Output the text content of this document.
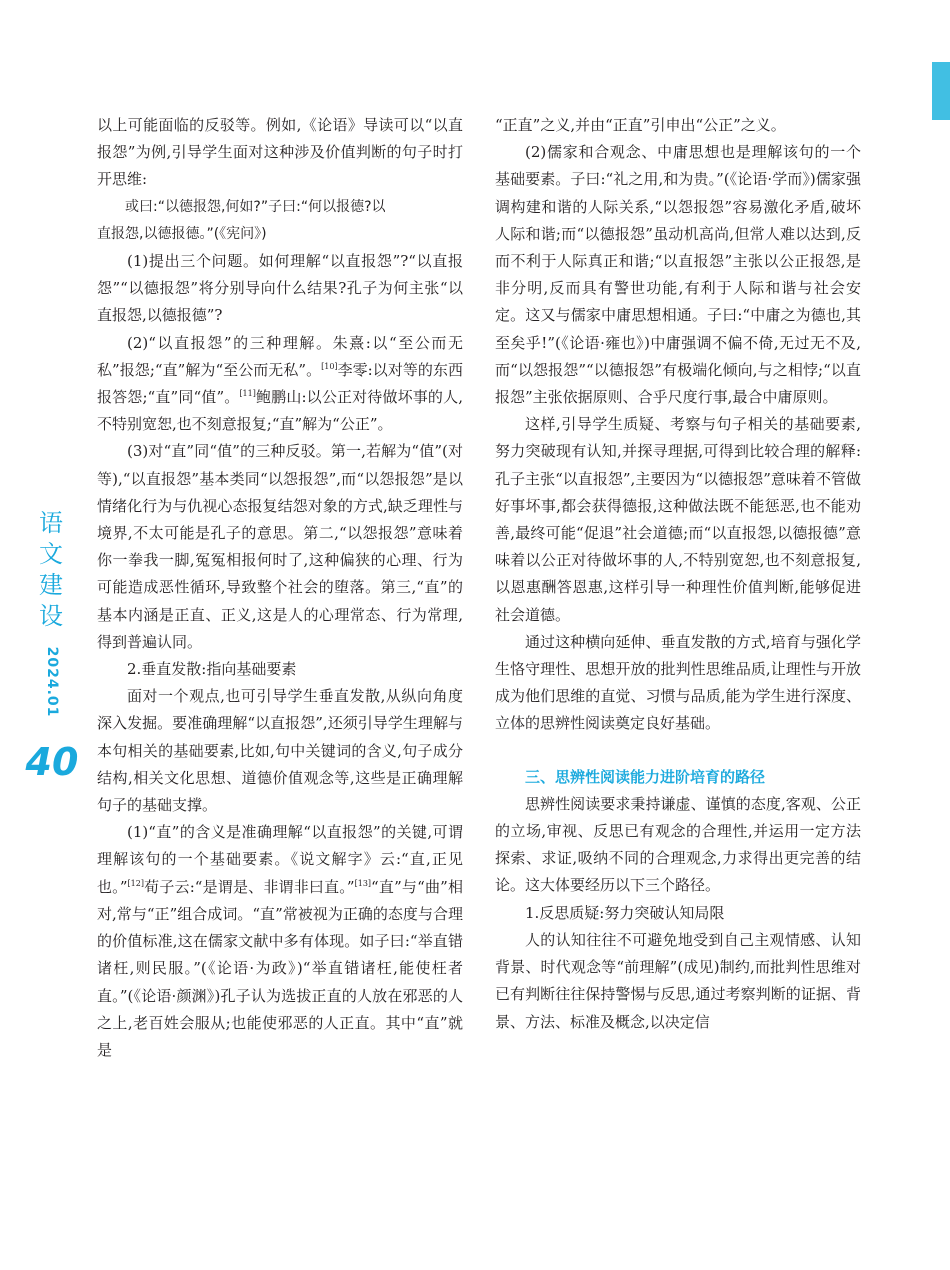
语
文
建
设
2024.01
40

以上可能面临的反驳等。例如,《论语》导读可以“以直报怨”为例,引导学生面对这种涉及价值判断的句子时打开思维:

或曰:“以德报怨,何如?”子曰:“何以报德?以

直报怨,以德报德。”(《宪问》)

(1)提出三个问题。如何理解“以直报怨”?“以直报怨”“以德报怨”将分别导向什么结果?孔子为何主张“以直报怨,以德报德”?

(2)“以直报怨”的三种理解。朱熹:以“至公而无私”报怨;“直”解为“至公而无私”。[10]李零:以对等的东西报答怨;“直”同“值”。[11]鲍鹏山:以公正对待做坏事的人,不特别宽恕,也不刻意报复;“直”解为“公正”。

(3)对“直”同“值”的三种反驳。第一,若解为“值”(对等),“以直报怨”基本类同“以怨报怨”,而“以怨报怨”是以情绪化行为与仇视心态报复结怨对象的方式,缺乏理性与境界,不太可能是孔子的意思。第二,“以怨报怨”意味着你一拳我一脚,冤冤相报何时了,这种偏狭的心理、行为可能造成恶性循环,导致整个社会的堕落。第三,“直”的基本内涵是正直、正义,这是人的心理常态、行为常理,得到普遍认同。

2.垂直发散:指向基础要素

面对一个观点,也可引导学生垂直发散,从纵向角度深入发掘。要准确理解“以直报怨”,还须引导学生理解与本句相关的基础要素,比如,句中关键词的含义,句子成分结构,相关文化思想、道德价值观念等,这些是正确理解句子的基础支撑。

(1)“直”的含义是准确理解“以直报怨”的关键,可谓理解该句的一个基础要素。《说文解字》云:“直,正见也。”[12]荀子云:“是谓是、非谓非曰直。”[13]“直”与“曲”相对,常与“正”组合成词。“直”常被视为正确的态度与合理的价值标准,这在儒家文献中多有体现。如子曰:“举直错诸枉,则民服。”(《论语·为政》)“举直错诸枉,能使枉者直。”(《论语·颜渊》)孔子认为选拔正直的人放在邪恶的人之上,老百姓会服从;也能使邪恶的人正直。其中“直”就是

“正直”之义,并由“正直”引申出“公正”之义。

(2)儒家和合观念、中庸思想也是理解该句的一个基础要素。子曰:“礼之用,和为贵。”(《论语·学而》)儒家强调构建和谐的人际关系,“以怨报怨”容易激化矛盾,破坏人际和谐;而“以德报怨”虽动机高尚,但常人难以达到,反而不利于人际真正和谐;“以直报怨”主张以公正报怨,是非分明,反而具有警世功能,有利于人际和谐与社会安定。这又与儒家中庸思想相通。子曰:“中庸之为德也,其至矣乎!”(《论语·雍也》)中庸强调不偏不倚,无过无不及,而“以怨报怨”“以德报怨”有极端化倾向,与之相悖;“以直报怨”主张依据原则、合乎尺度行事,最合中庸原则。

这样,引导学生质疑、考察与句子相关的基础要素,努力突破现有认知,并探寻理据,可得到比较合理的解释:孔子主张“以直报怨”,主要因为“以德报怨”意味着不管做好事坏事,都会获得德报,这种做法既不能惩恶,也不能劝善,最终可能“促退”社会道德;而“以直报怨,以德报德”意味着以公正对待做坏事的人,不特别宽恕,也不刻意报复,以恩惠酬答恩惠,这样引导一种理性价值判断,能够促进社会道德。

通过这种横向延伸、垂直发散的方式,培育与强化学生恪守理性、思想开放的批判性思维品质,让理性与开放成为他们思维的直觉、习惯与品质,能为学生进行深度、立体的思辨性阅读奠定良好基础。

三、思辨性阅读能力进阶培育的路径

思辨性阅读要求秉持谦虚、谨慎的态度,客观、公正的立场,审视、反思已有观念的合理性,并运用一定方法探索、求证,吸纳不同的合理观念,力求得出更完善的结论。这大体要经历以下三个路径。

1.反思质疑:努力突破认知局限

人的认知往往不可避免地受到自己主观情感、认知背景、时代观念等“前理解”(成见)制约,而批判性思维对已有判断往往保持警惕与反思,通过考察判断的证据、背景、方法、标准及概念,以决定信
